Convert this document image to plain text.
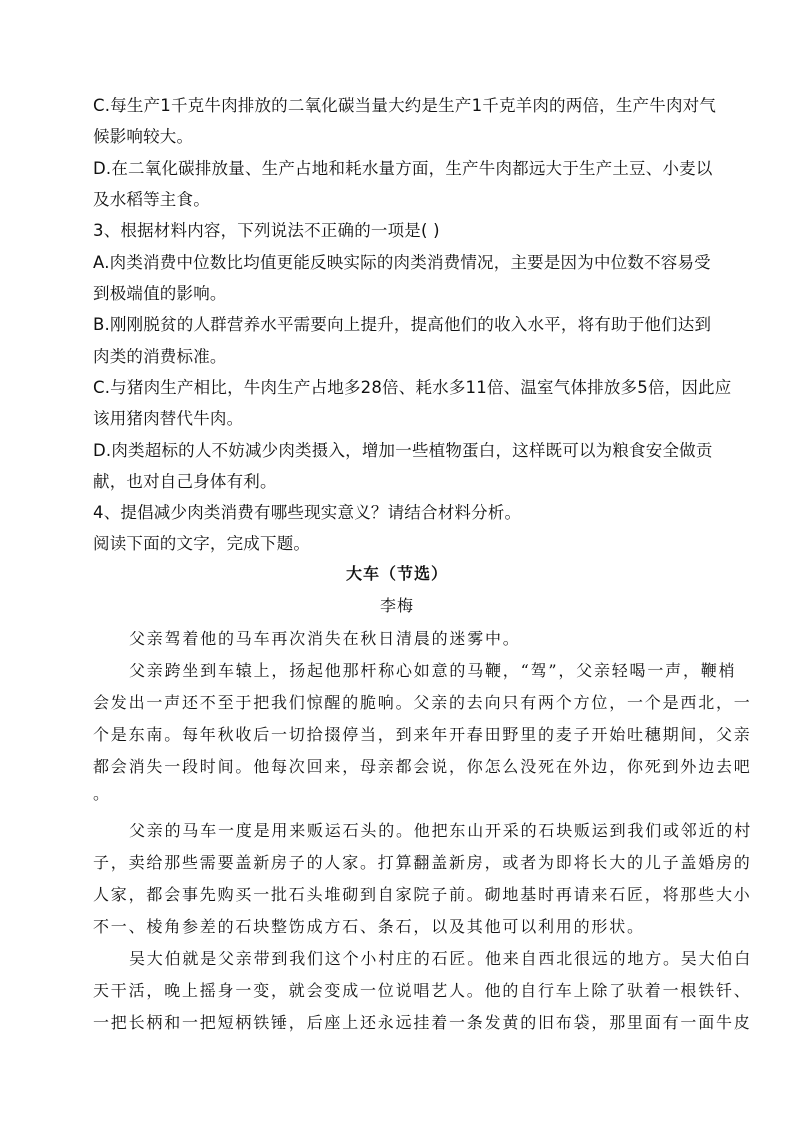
C.每生产1千克牛肉排放的二氧化碳当量大约是生产1千克羊肉的两倍，生产牛肉对气
候影响较大。
D.在二氧化碳排放量、生产占地和耗水量方面，生产牛肉都远大于生产土豆、小麦以
及水稻等主食。
3、根据材料内容，下列说法不正确的一项是( )
A.肉类消费中位数比均值更能反映实际的肉类消费情况，主要是因为中位数不容易受
到极端值的影响。
B.刚刚脱贫的人群营养水平需要向上提升，提高他们的收入水平，将有助于他们达到
肉类的消费标准。
C.与猪肉生产相比，牛肉生产占地多28倍、耗水多11倍、温室气体排放多5倍，因此应
该用猪肉替代牛肉。
D.肉类超标的人不妨减少肉类摄入，增加一些植物蛋白，这样既可以为粮食安全做贡
献，也对自己身体有利。
4、提倡减少肉类消费有哪些现实意义？请结合材料分析。
阅读下面的文字，完成下题。
大车（节选）
李梅
父亲驾着他的马车再次消失在秋日清晨的迷雾中。
父亲跨坐到车辕上，扬起他那杆称心如意的马鞭，“驾”，父亲轻喝一声，鞭梢
会发出一声还不至于把我们惊醒的脆响。父亲的去向只有两个方位，一个是西北，一
个是东南。每年秋收后一切拾掇停当，到来年开春田野里的麦子开始吐穗期间，父亲
都会消失一段时间。他每次回来，母亲都会说，你怎么没死在外边，你死到外边去吧
。
父亲的马车一度是用来贩运石头的。他把东山开采的石块贩运到我们或邻近的村
子，卖给那些需要盖新房子的人家。打算翻盖新房，或者为即将长大的儿子盖婚房的
人家，都会事先购买一批石头堆砌到自家院子前。砌地基时再请来石匠，将那些大小
不一、棱角参差的石块整饬成方石、条石，以及其他可以利用的形状。
吴大伯就是父亲带到我们这个小村庄的石匠。他来自西北很远的地方。吴大伯白
天干活，晚上摇身一变，就会变成一位说唱艺人。他的自行车上除了驮着一根铁钎、
一把长柄和一把短柄铁锤，后座上还永远挂着一条发黄的旧布袋，那里面有一面牛皮
